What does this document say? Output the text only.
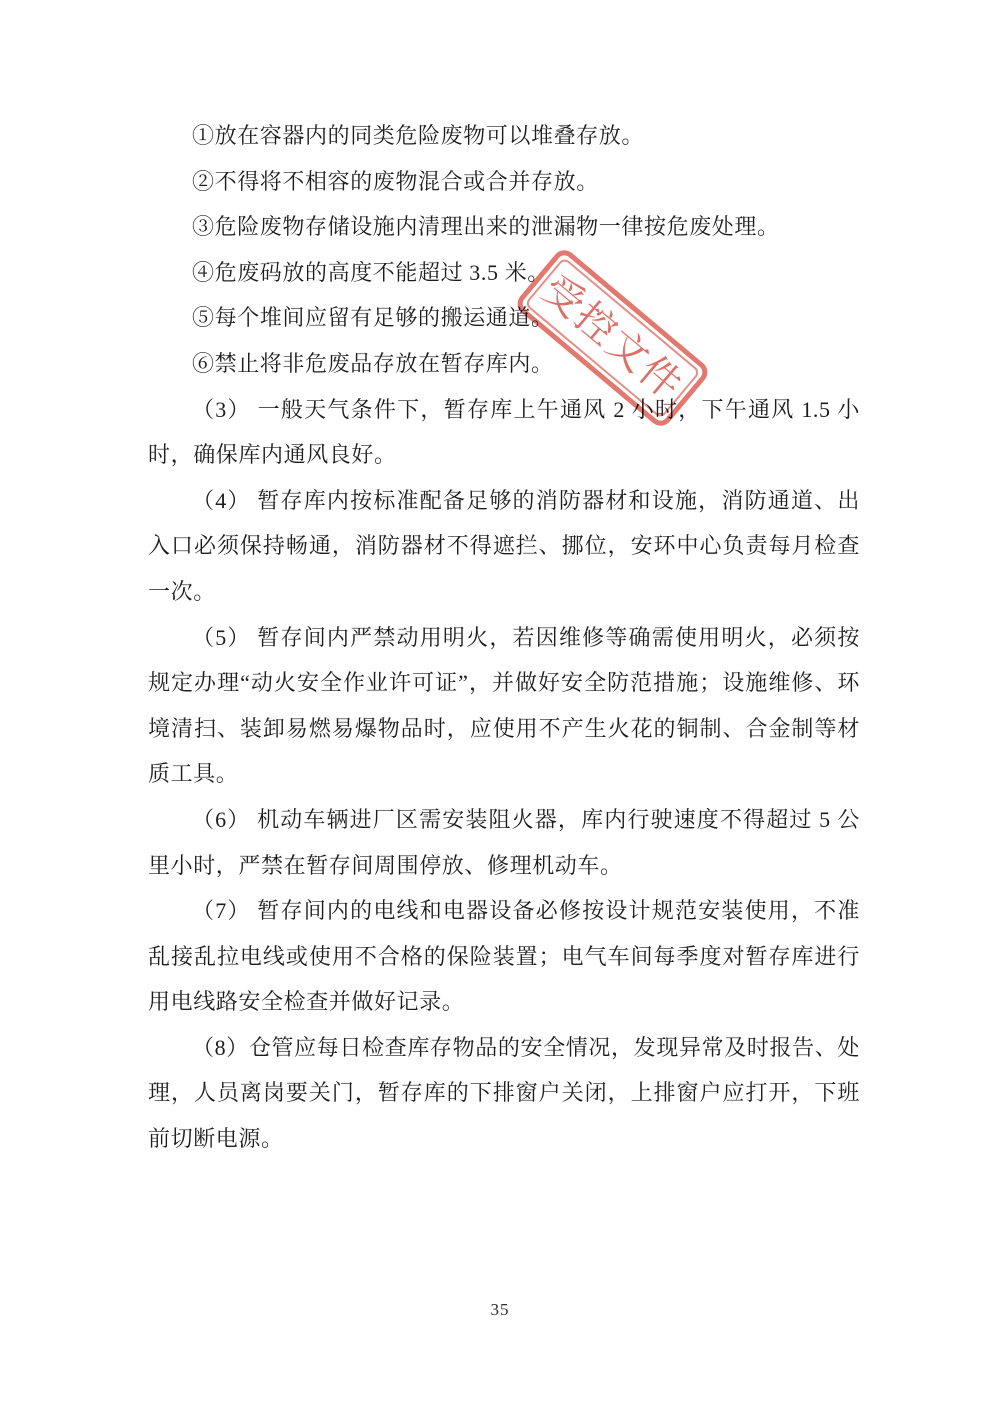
①放在容器内的同类危险废物可以堆叠存放。

②不得将不相容的废物混合或合并存放。

③危险废物存储设施内清理出来的泄漏物一律按危废处理。

④危废码放的高度不能超过 3.5 米。

⑤每个堆间应留有足够的搬运通道。

⑥禁止将非危废品存放在暂存库内。

（3） 一般天气条件下，暂存库上午通风 2 小时，下午通风 1.5 小时，确保库内通风良好。

（4） 暂存库内按标准配备足够的消防器材和设施，消防通道、出入口必须保持畅通，消防器材不得遮拦、挪位，安环中心负责每月检查一次。

（5） 暂存间内严禁动用明火，若因维修等确需使用明火，必须按规定办理“动火安全作业许可证”，并做好安全防范措施；设施维修、环境清扫、装卸易燃易爆物品时，应使用不产生火花的铜制、合金制等材质工具。

（6） 机动车辆进厂区需安装阻火器，库内行驶速度不得超过 5 公里小时，严禁在暂存间周围停放、修理机动车。

（7） 暂存间内的电线和电器设备必修按设计规范安装使用，不准乱接乱拉电线或使用不合格的保险装置；电气车间每季度对暂存库进行用电线路安全检查并做好记录。

（8）仓管应每日检查库存物品的安全情况，发现异常及时报告、处理，人员离岗要关门，暂存库的下排窗户关闭，上排窗户应打开，下班前切断电源。

受控文件
35
